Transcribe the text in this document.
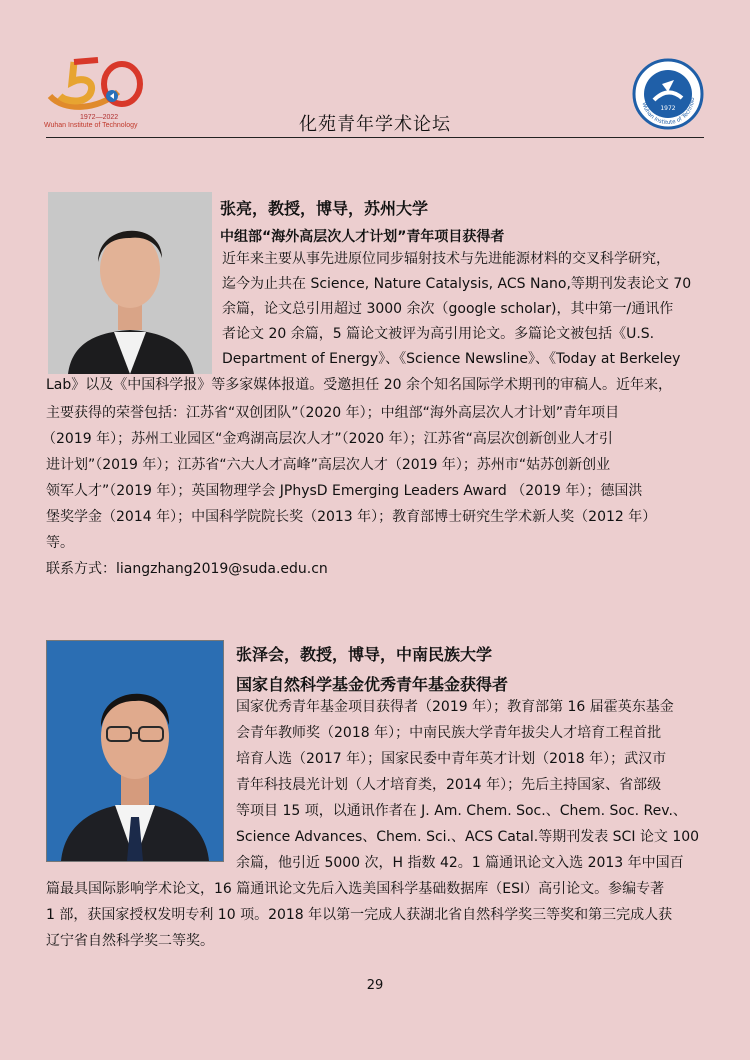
1972—2022
Wuhan Institute of Technology
1972
Wuhan Institute of Technolo
化苑青年学术论坛
张亮，教授，博导，苏州大学
中组部“海外高层次人才计划”青年项目获得者
近年来主要从事先进原位同步辐射技术与先进能源材料的交叉科学研究，
迄今为止共在 Science, Nature Catalysis, ACS Nano,等期刊发表论文 70
余篇，论文总引用超过 3000 余次（google scholar)，其中第一/通讯作
者论文 20 余篇，5 篇论文被评为高引用论文。多篇论文被包括《U.S.
Department of Energy》、《Science Newsline》、《Today at Berkeley
Lab》以及《中国科学报》等多家媒体报道。受邀担任 20 余个知名国际学术期刊的审稿人。近年来，
主要获得的荣誉包括：江苏省“双创团队”（2020 年）；中组部“海外高层次人才计划”青年项目
（2019 年）；苏州工业园区“金鸡湖高层次人才”（2020 年）；江苏省“高层次创新创业人才引
进计划”（2019 年）；江苏省“六大人才高峰”高层次人才（2019 年）；苏州市“姑苏创新创业
领军人才”（2019 年）；英国物理学会 JPhysD Emerging Leaders Award （2019 年）；德国洪
堡奖学金（2014 年）；中国科学院院长奖（2013 年）；教育部博士研究生学术新人奖（2012 年）
等。
联系方式：liangzhang2019@suda.edu.cn
张泽会，教授，博导，中南民族大学
国家自然科学基金优秀青年基金获得者
国家优秀青年基金项目获得者（2019 年）；教育部第 16 届霍英东基金
会青年教师奖（2018 年）；中南民族大学青年拔尖人才培育工程首批
培育人选（2017 年）；国家民委中青年英才计划（2018 年）；武汉市
青年科技晨光计划（人才培育类，2014 年）；先后主持国家、省部级
等项目 15 项，以通讯作者在 J. Am. Chem. Soc.、Chem. Soc. Rev.、
Science Advances、Chem. Sci.、ACS Catal.等期刊发表 SCI 论文 100
余篇，他引近 5000 次，H 指数 42。1 篇通讯论文入选 2013 年中国百
篇最具国际影响学术论文，16 篇通讯论文先后入选美国科学基础数据库（ESI）高引论文。参编专著
1 部，获国家授权发明专利 10 项。2018 年以第一完成人获湖北省自然科学奖三等奖和第三完成人获
辽宁省自然科学奖二等奖。
29
